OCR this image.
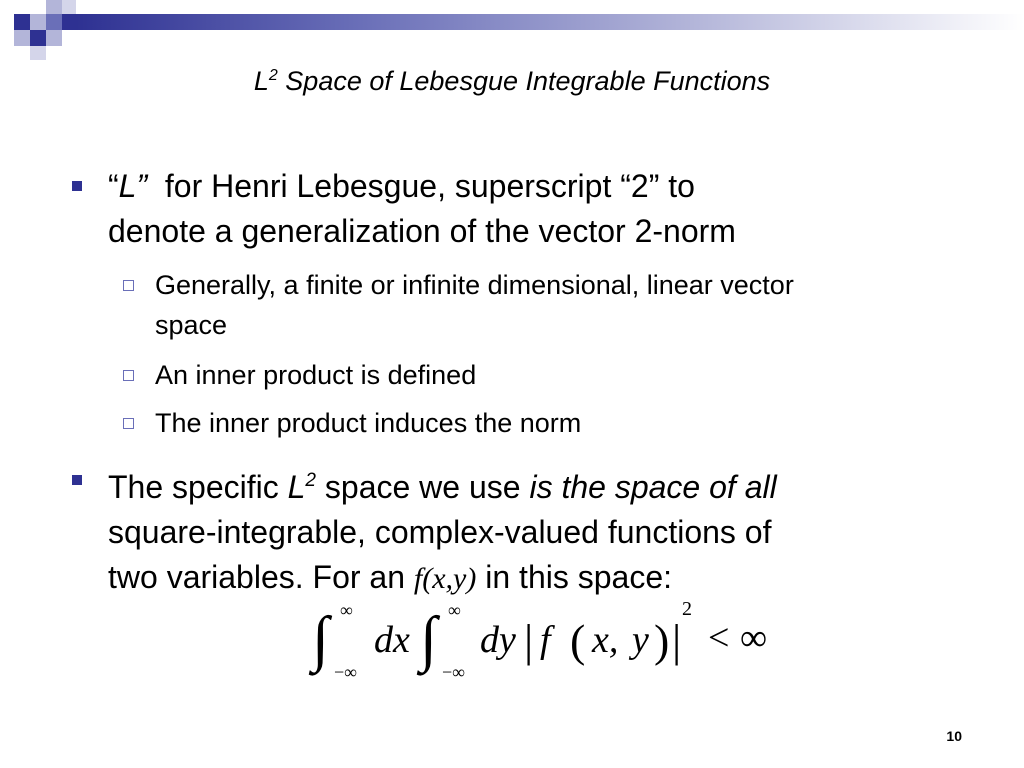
$L^2$ Space of Lebesgue Integrable Functions
“L”  for Henri Lebesgue, superscript “2” to
denote a generalization of the vector 2-norm
Generally, a finite or infinite dimensional, linear vector
space
An inner product is defined
The inner product induces the norm
The specific $L^2$ space we use is the space of all
square-integrable, complex-valued functions of
two variables. For an f(x,y) in this space:
∫ ∞
−∞
dx ∫ ∞
−∞
dy | f ( x, y ) |
2
< ∞
10
